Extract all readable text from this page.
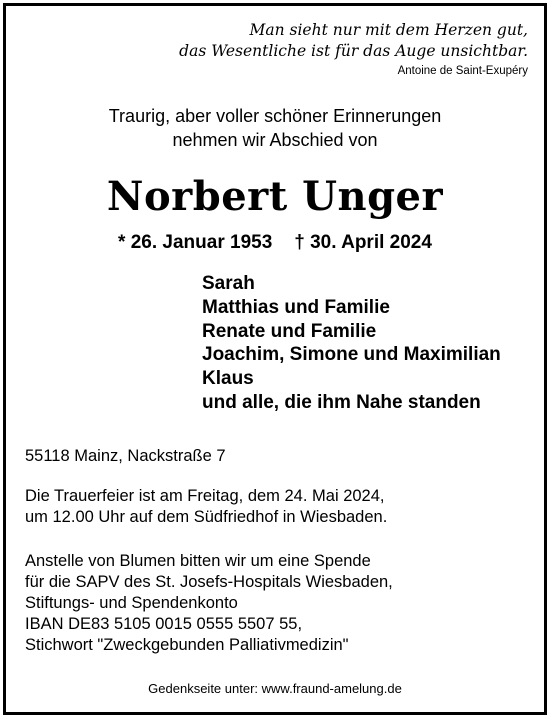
Man sieht nur mit dem Herzen gut,
das Wesentliche ist für das Auge unsichtbar.
Antoine de Saint-Exupéry
Traurig, aber voller schöner Erinnerungen
nehmen wir Abschied von
Norbert Unger
* 26. Januar 1953 † 30. April 2024
Sarah
Matthias und Familie
Renate und Familie
Joachim, Simone und Maximilian
Klaus
und alle, die ihm Nahe standen
55118 Mainz, Nackstraße 7
Die Trauerfeier ist am Freitag, dem 24. Mai 2024,
um 12.00 Uhr auf dem Südfriedhof in Wiesbaden.
Anstelle von Blumen bitten wir um eine Spende
für die SAPV des St. Josefs-Hospitals Wiesbaden,
Stiftungs- und Spendenkonto
IBAN DE83 5105 0015 0555 5507 55,
Stichwort "Zweckgebunden Palliativmedizin"
Gedenkseite unter: www.fraund-amelung.de
